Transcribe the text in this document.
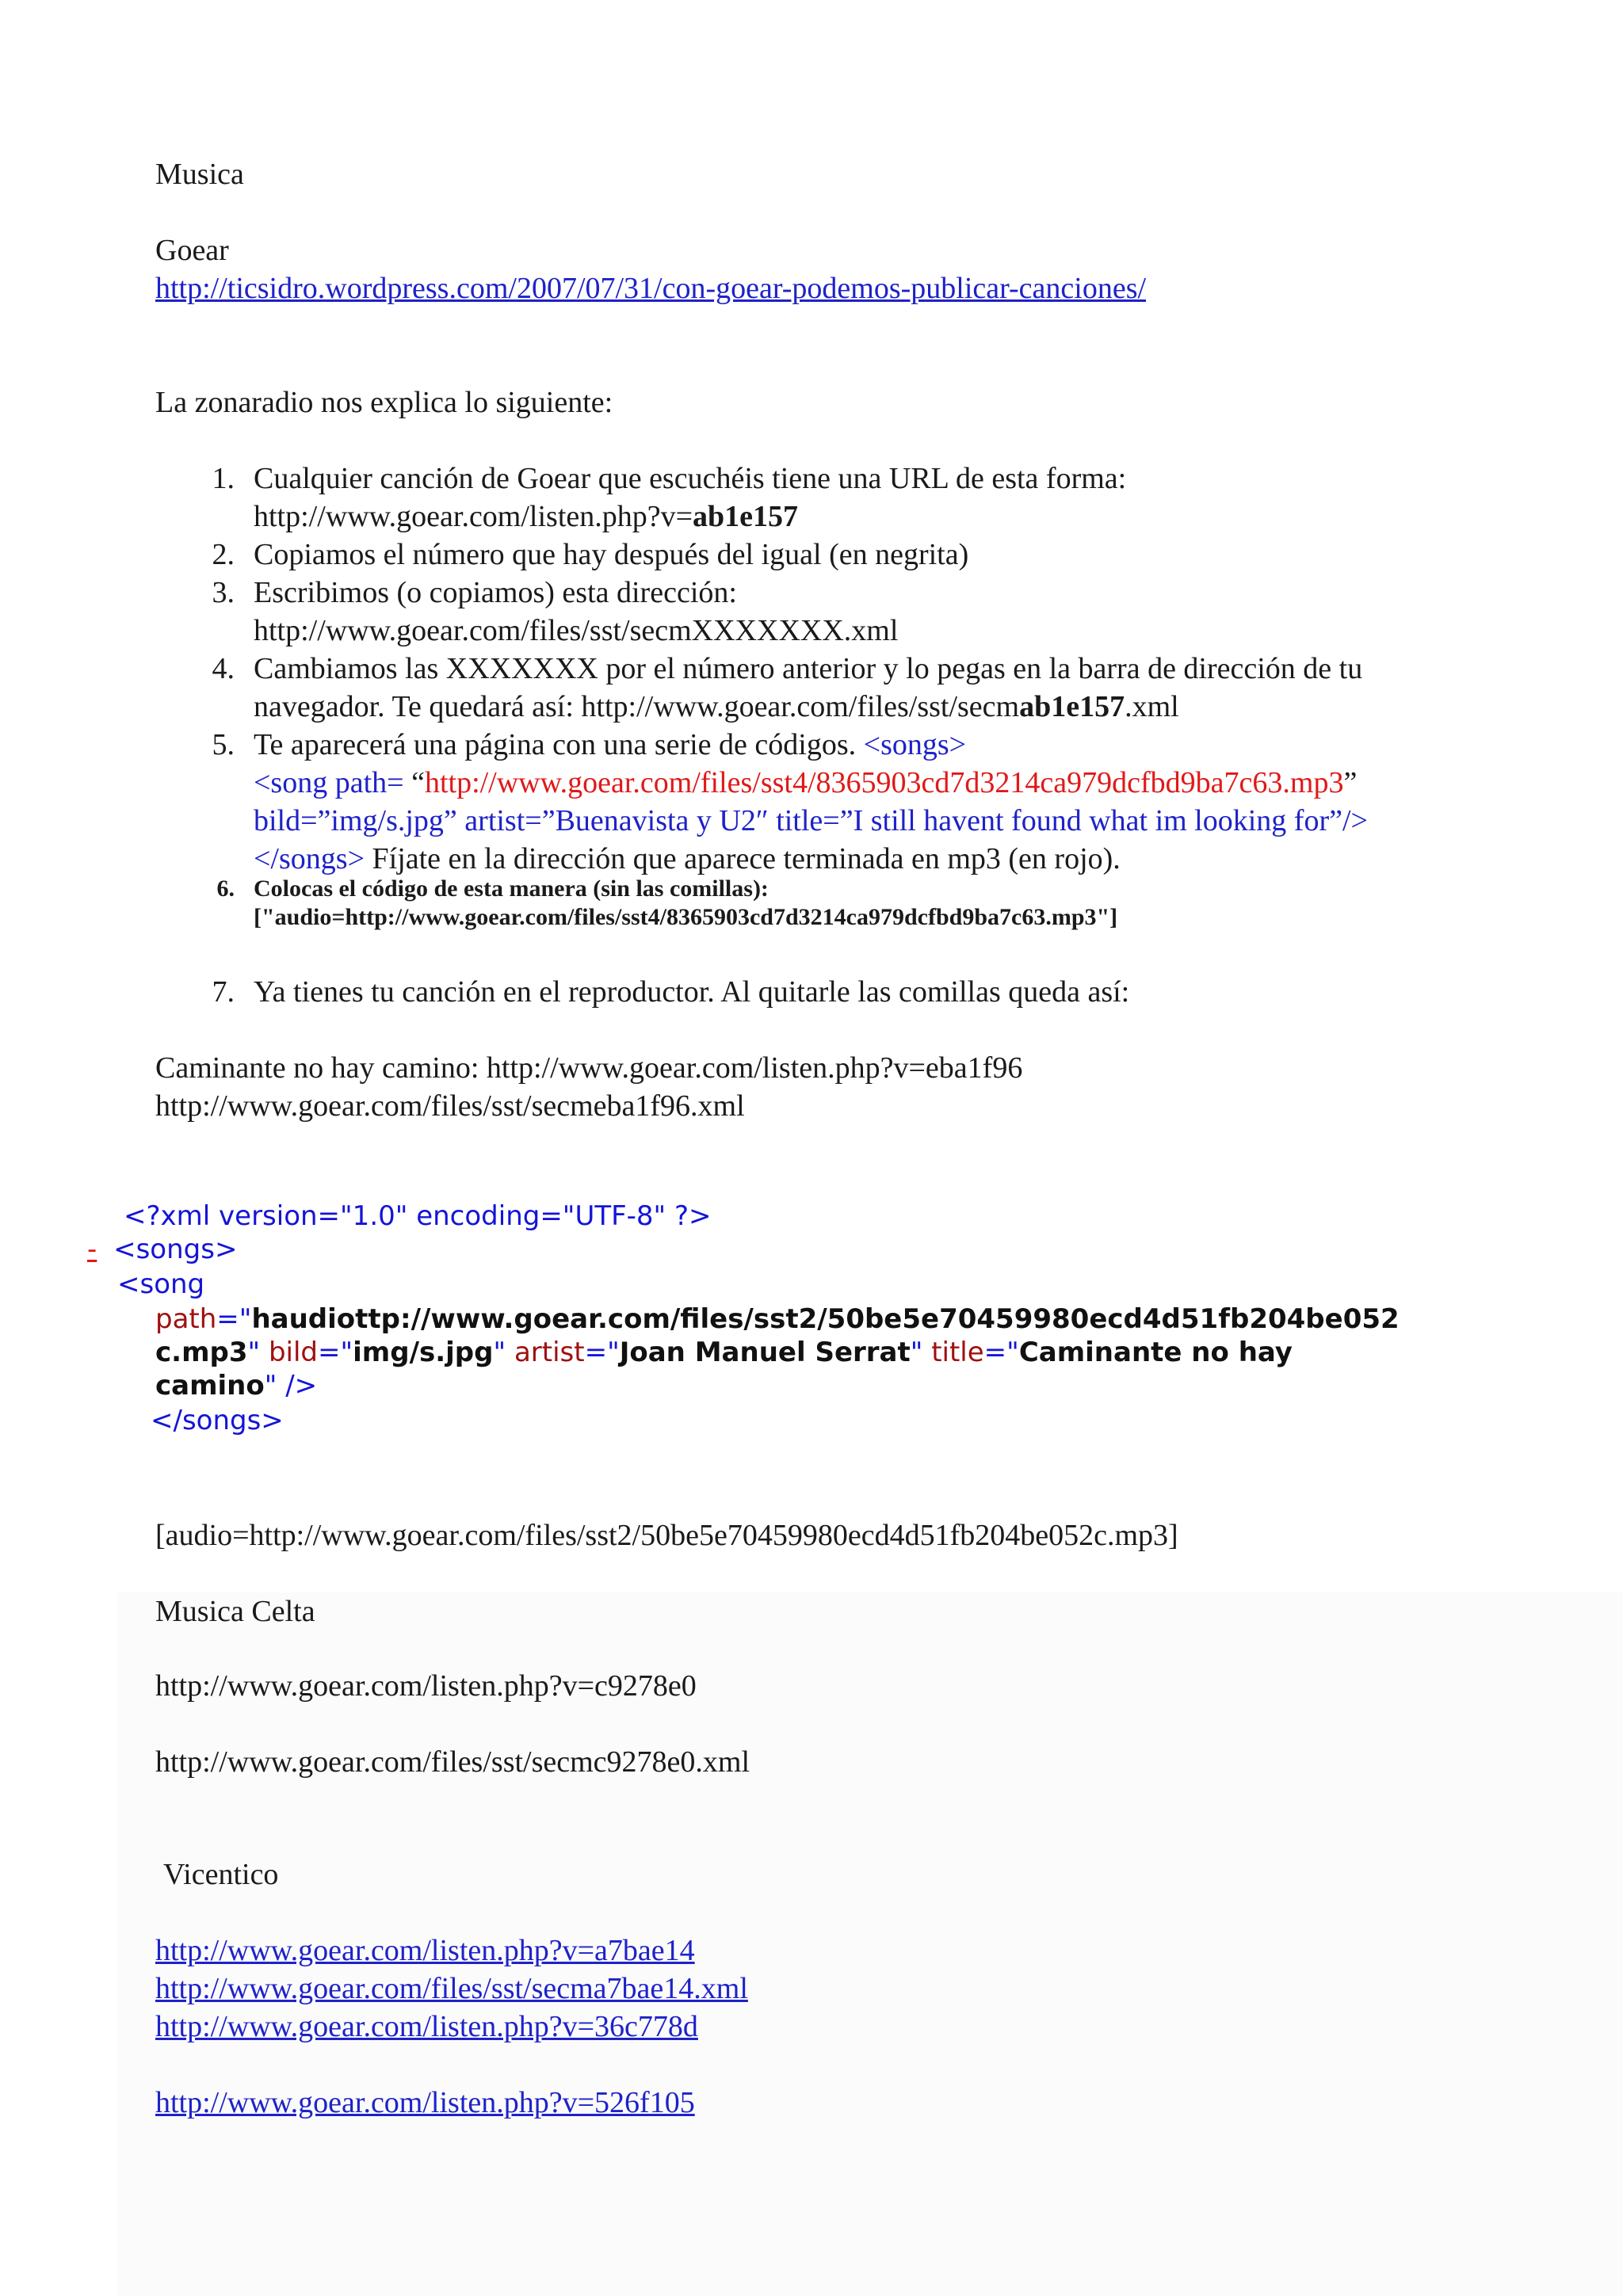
Musica
Goear
http://ticsidro.wordpress.com/2007/07/31/con-goear-podemos-publicar-canciones/
La zonaradio nos explica lo siguiente:
1. Cualquier canción de Goear que escuchéis tiene una URL de esta forma:
http://www.goear.com/listen.php?v=ab1e157
2. Copiamos el número que hay después del igual (en negrita)
3. Escribimos (o copiamos) esta dirección:
http://www.goear.com/files/sst/secmXXXXXXX.xml
4. Cambiamos las XXXXXXX por el número anterior y lo pegas en la barra de dirección de tu
navegador. Te quedará así: http://www.goear.com/files/sst/secmab1e157.xml
5. Te aparecerá una página con una serie de códigos. <songs>
<song path= “http://www.goear.com/files/sst4/8365903cd7d3214ca979dcfbd9ba7c63.mp3”
bild=”img/s.jpg” artist=”Buenavista y U2″ title=”I still havent found what im looking for”/>
</songs> Fíjate en la dirección que aparece terminada en mp3 (en rojo).
6. Colocas el código de esta manera (sin las comillas):
["audio=http://www.goear.com/files/sst4/8365903cd7d3214ca979dcfbd9ba7c63.mp3"]
7. Ya tienes tu canción en el reproductor. Al quitarle las comillas queda así:
Caminante no hay camino: http://www.goear.com/listen.php?v=eba1f96
http://www.goear.com/files/sst/secmeba1f96.xml
<?xml version="1.0" encoding="UTF-8" ?>
- <songs>
<song
path="haudiottp://www.goear.com/files/sst2/50be5e70459980ecd4d51fb204be052
c.mp3" bild="img/s.jpg" artist="Joan Manuel Serrat" title="Caminante no hay
camino" />
</songs>
[audio=http://www.goear.com/files/sst2/50be5e70459980ecd4d51fb204be052c.mp3]
Musica Celta
http://www.goear.com/listen.php?v=c9278e0
http://www.goear.com/files/sst/secmc9278e0.xml
Vicentico
http://www.goear.com/listen.php?v=a7bae14
http://www.goear.com/files/sst/secma7bae14.xml
http://www.goear.com/listen.php?v=36c778d
http://www.goear.com/listen.php?v=526f105
